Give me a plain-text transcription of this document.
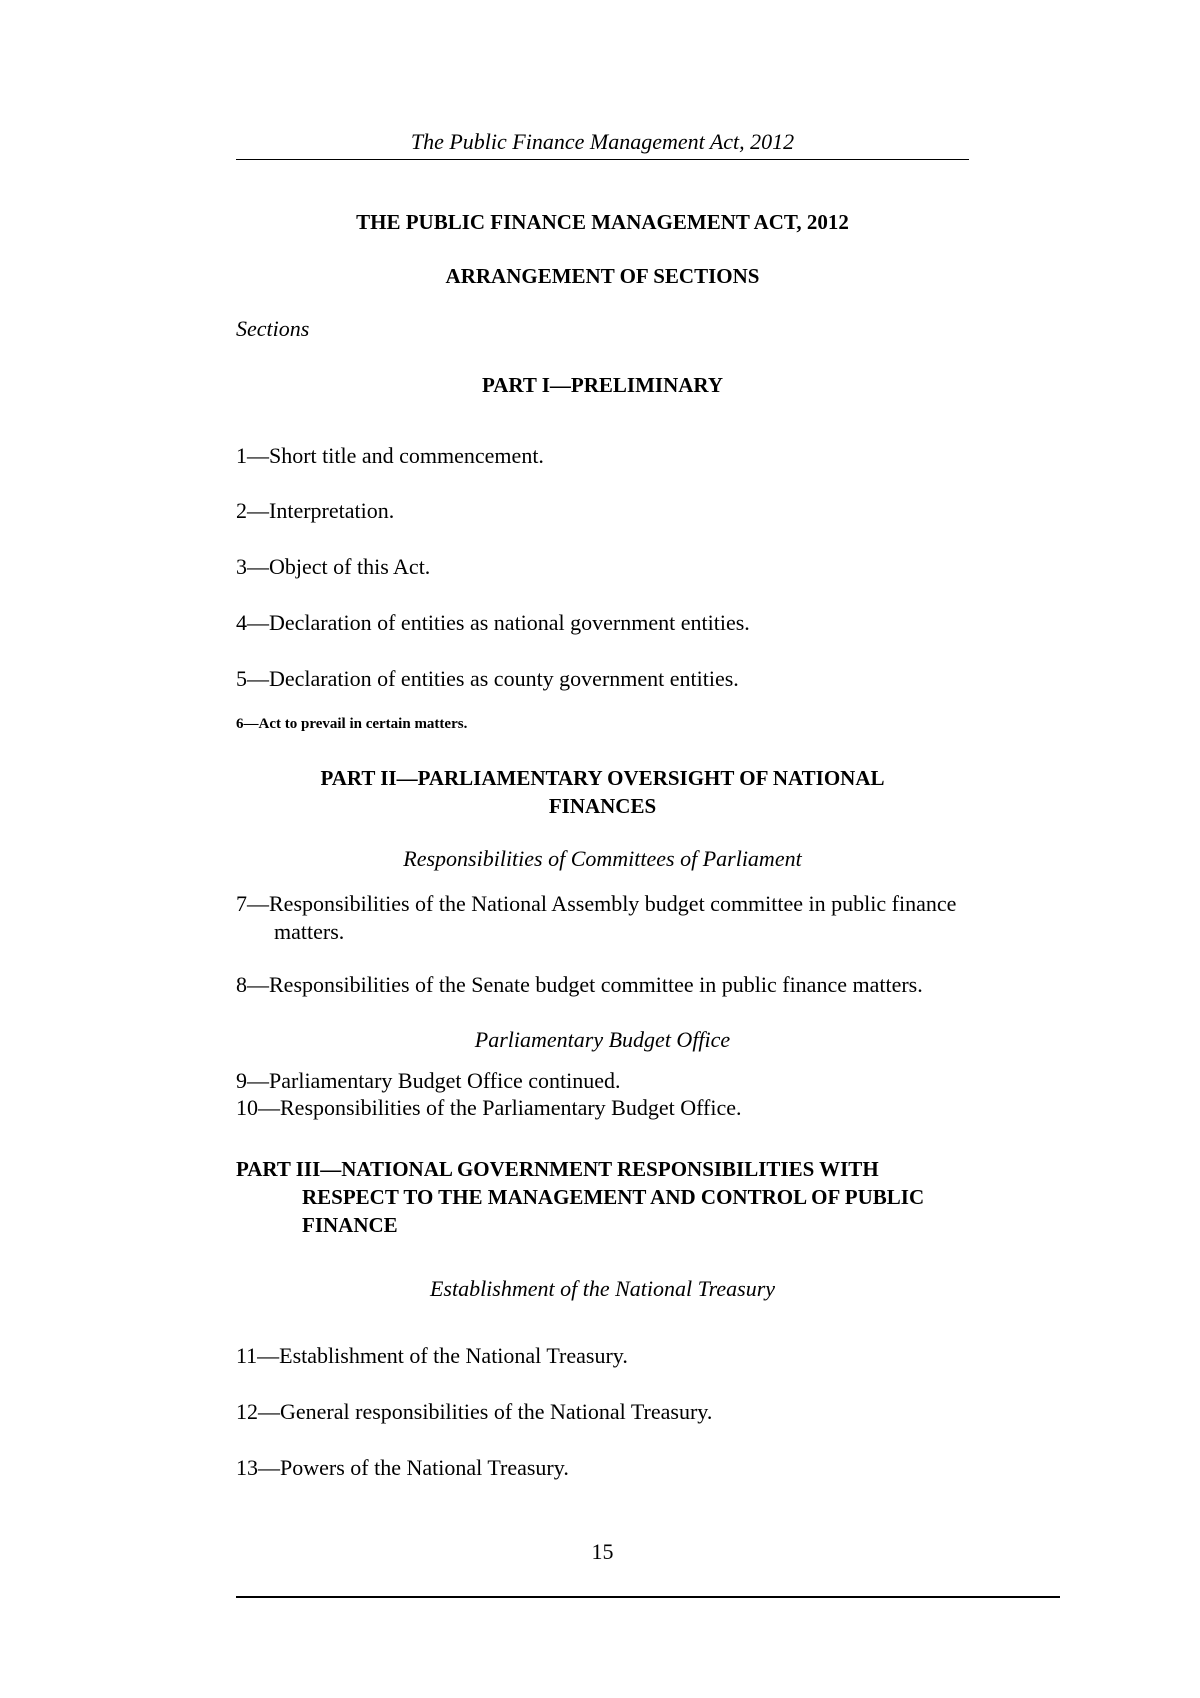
The Public Finance Management Act, 2012

THE PUBLIC FINANCE MANAGEMENT ACT, 2012

ARRANGEMENT OF SECTIONS

Sections

PART I—PRELIMINARY

1—Short title and commencement.

2—Interpretation.

3—Object of this Act.

4—Declaration of entities as national government entities.

5—Declaration of entities as county government entities.

6—Act to prevail in certain matters.

PART II—PARLIAMENTARY OVERSIGHT OF NATIONAL

FINANCES

Responsibilities of Committees of Parliament

7—Responsibilities of the National Assembly budget committee in public finance matters.

8—Responsibilities of the Senate budget committee in public finance matters.

Parliamentary Budget Office

9—Parliamentary Budget Office continued.

10—Responsibilities of the Parliamentary Budget Office.

PART III—NATIONAL GOVERNMENT RESPONSIBILITIES WITH RESPECT TO THE MANAGEMENT AND CONTROL OF PUBLIC FINANCE

Establishment of the National Treasury

11—Establishment of the National Treasury.

12—General responsibilities of the National Treasury.

13—Powers of the National Treasury.

15
